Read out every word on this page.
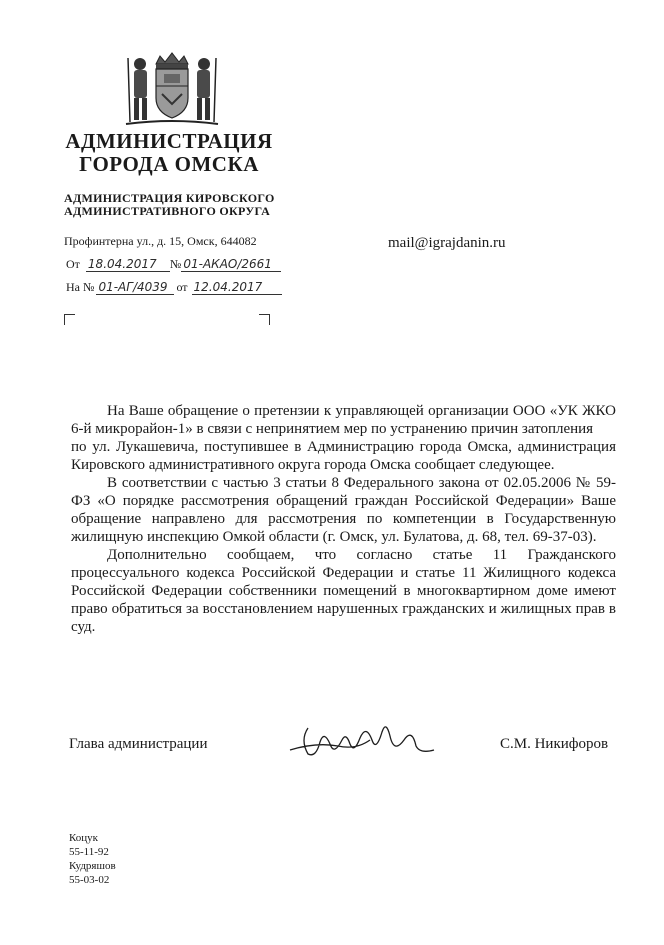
АДМИНИСТРАЦИЯ
ГОРОДА ОМСКА
АДМИНИСТРАЦИЯ КИРОВСКОГО
АДМИНИСТРАТИВНОГО ОКРУГА
Профинтерна ул., д. 15, Омск, 644082	mail@igrajdanin.ru
От 18.04.2017	№ 01-АКАО/2661
На № 01-АГ/4039 от 12.04.2017

На Ваше обращение о претензии к управляющей организации ООО «УК ЖКО 6-й микрорайон-1» в связи с непринятием мер по устранению причин затопления

по ул. Лукашевича, поступившее в Администрацию города Омска, администрация Кировского административного округа города Омска сообщает следующее.

В соответствии с частью 3 статьи 8 Федерального закона от 02.05.2006 № 59-ФЗ «О порядке рассмотрения обращений граждан Российской Федерации» Ваше обращение направлено для рассмотрения по компетенции в Государственную жилищную инспекцию Омкой области (г. Омск, ул. Булатова, д. 68, тел. 69-37-03).

Дополнительно сообщаем, что согласно статье 11 Гражданского процессуального кодекса Российской Федерации и статье 11 Жилищного кодекса Российской Федерации собственники помещений в многоквартирном доме имеют право обратиться за восстановлением нарушенных гражданских и жилищных прав в суд.

Глава администрации	С.М. Никифоров
Коцук
55-11-92
Кудряшов
55-03-02
